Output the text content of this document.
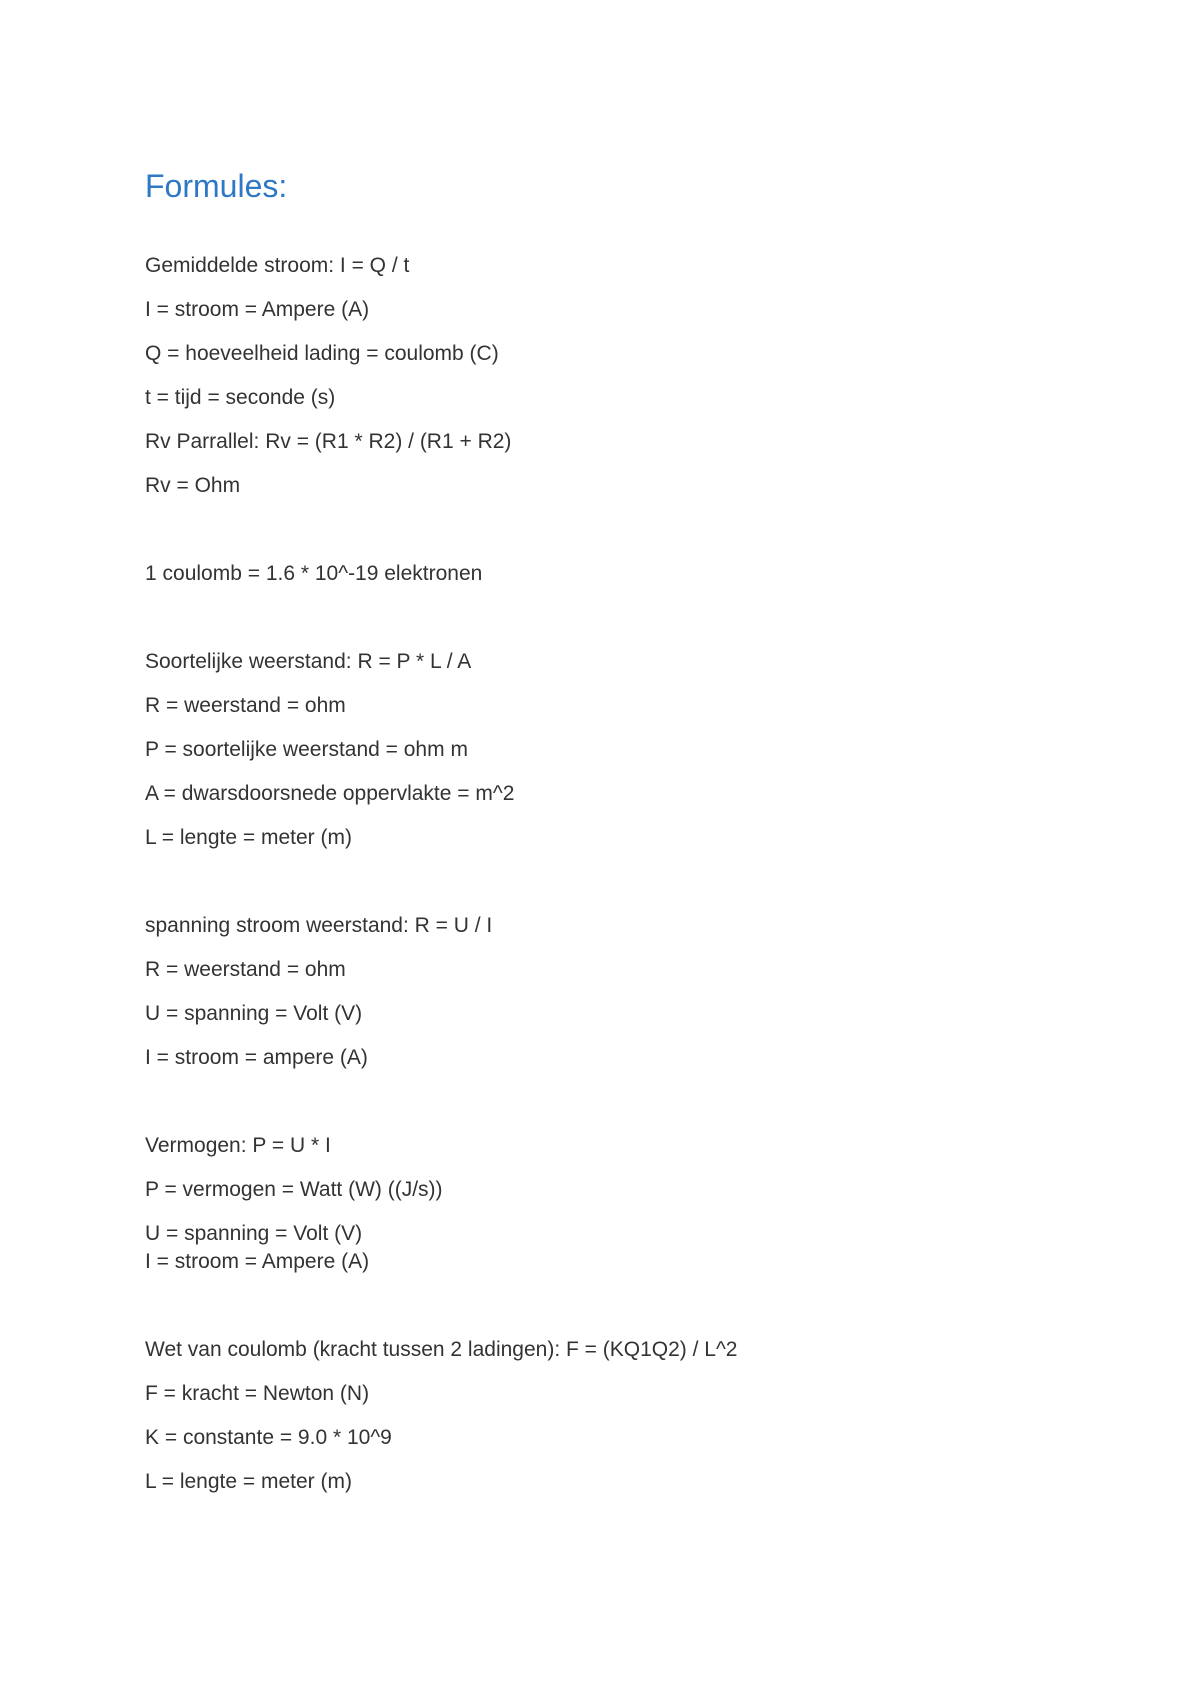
Formules:
Gemiddelde stroom: I = Q / t
I = stroom = Ampere (A)
Q = hoeveelheid lading = coulomb (C)
t = tijd = seconde (s)
Rv Parrallel: Rv = (R1 * R2) / (R1 + R2)
Rv = Ohm
1 coulomb = 1.6 * 10^-19 elektronen
Soortelijke weerstand: R = P * L / A
R = weerstand = ohm
P = soortelijke weerstand = ohm m
A = dwarsdoorsnede oppervlakte = m^2
L = lengte = meter (m)
spanning stroom weerstand: R = U / I
R = weerstand = ohm
U = spanning = Volt (V)
I = stroom = ampere (A)
Vermogen: P = U * I
P = vermogen = Watt (W) ((J/s))
U = spanning = Volt (V)
I = stroom = Ampere (A)
Wet van coulomb (kracht tussen 2 ladingen): F = (KQ1Q2) / L^2
F = kracht = Newton (N)
K = constante = 9.0 * 10^9
L = lengte = meter (m)
